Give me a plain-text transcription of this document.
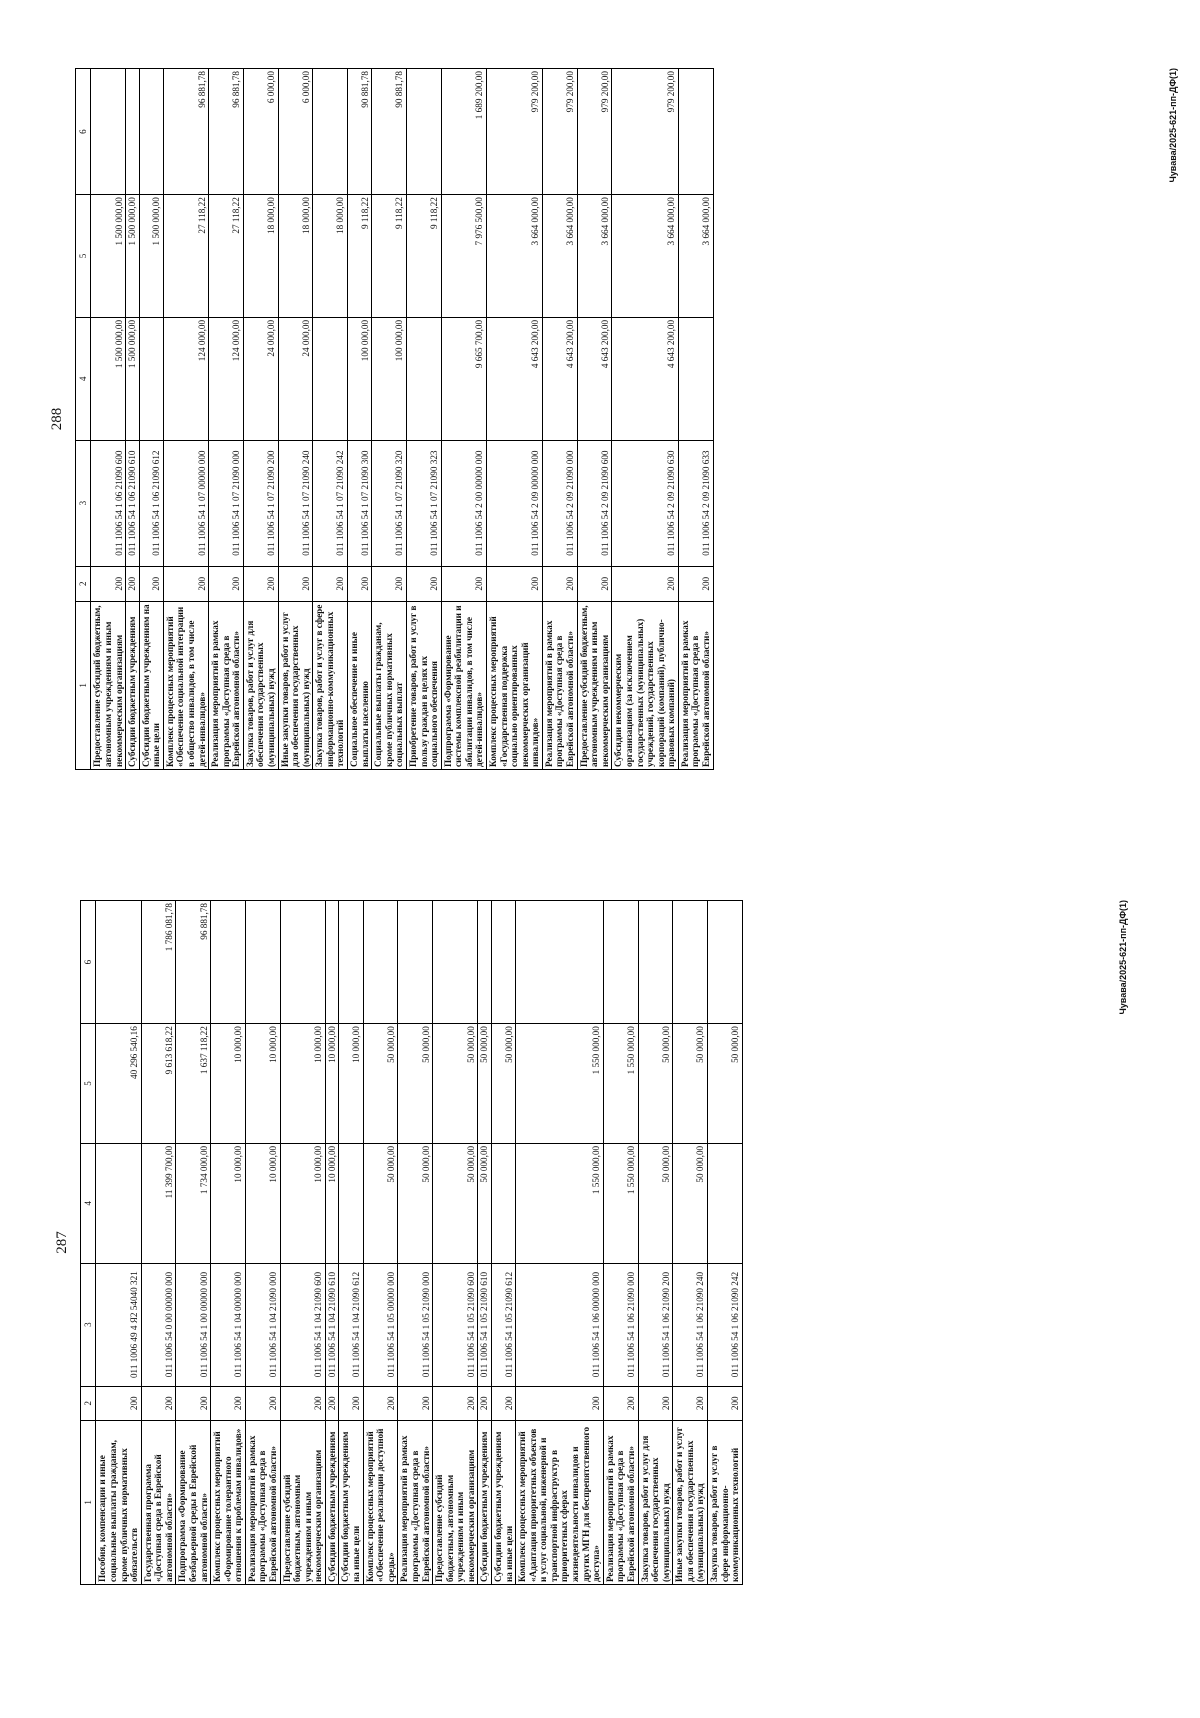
287
1	2	3	4	5	6
Пособия, компенсации и иные социальные выплаты гражданам, кроме публичных нормативных обязательств	200	011 1006 49 4 Я2 54040 321		40 296 540,16	
Государственная программа «Доступная среда в Еврейской автономной области»	200	011 1006 54 0 00 00000 000	11 399 700,00	9 613 618,22	1 786 081,78
Подпрограмма «Формирование безбарьерной среды в Еврейской автономной области»	200	011 1006 54 1 00 00000 000	1 734 000,00	1 637 118,22	96 881,78
Комплекс процессных мероприятий «Формирование толерантного отношения к проблемам инвалидов»	200	011 1006 54 1 04 00000 000	10 000,00	10 000,00	
Реализация мероприятий в рамках программы «Доступная среда в Еврейской автономной области»	200	011 1006 54 1 04 21090 000	10 000,00	10 000,00	
Предоставление субсидий бюджетным, автономным учреждениям и иным некоммерческим организациям	200	011 1006 54 1 04 21090 600	10 000,00	10 000,00	
Субсидии бюджетным учреждениям	200	011 1006 54 1 04 21090 610	10 000,00	10 000,00	
Субсидии бюджетным учреждениям на иные цели	200	011 1006 54 1 04 21090 612		10 000,00	
Комплекс процессных мероприятий «Обеспечение реализации доступной среды»	200	011 1006 54 1 05 00000 000	50 000,00	50 000,00	
Реализация мероприятий в рамках программы «Доступная среда в Еврейской автономной области»	200	011 1006 54 1 05 21090 000	50 000,00	50 000,00	
Предоставление субсидий бюджетным, автономным учреждениям и иным некоммерческим организациям	200	011 1006 54 1 05 21090 600	50 000,00	50 000,00	
Субсидии бюджетным учреждениям	200	011 1006 54 1 05 21090 610	50 000,00	50 000,00	
Субсидии бюджетным учреждениям на иные цели	200	011 1006 54 1 05 21090 612		50 000,00	
Комплекс процессных мероприятий «Адаптация приоритетных объектов и услуг социальной, инженерной и транспортной инфраструктур в приоритетных сферах жизнедеятельности инвалидов и других МГН для беспрепятственного доступа»	200	011 1006 54 1 06 00000 000	1 550 000,00	1 550 000,00	
Реализация мероприятий в рамках программы «Доступная среда в Еврейской автономной области»	200	011 1006 54 1 06 21090 000	1 550 000,00	1 550 000,00	
Закупка товаров, работ и услуг для обеспечения государственных (муниципальных) нужд	200	011 1006 54 1 06 21090 200	50 000,00	50 000,00	
Иные закупки товаров, работ и услуг для обеспечения государственных (муниципальных) нужд	200	011 1006 54 1 06 21090 240	50 000,00	50 000,00	
Закупка товаров, работ и услуг в сфере информационно-коммуникационных технологий	200	011 1006 54 1 06 21090 242		50 000,00	
Чувава/2025-621-пп-ДФ(1)
288
1	2	3	4	5	6
Предоставление субсидий бюджетным, автономным учреждениям и иным некоммерческим организациям	200	011 1006 54 1 06 21090 600	1 500 000,00	1 500 000,00	
Субсидии бюджетным учреждениям	200	011 1006 54 1 06 21090 610	1 500 000,00	1 500 000,00	
Субсидии бюджетным учреждениям на иные цели	200	011 1006 54 1 06 21090 612		1 500 000,00	
Комплекс процессных мероприятий «Обеспечение социальной интеграции в общество инвалидов, в том числе детей-инвалидов»	200	011 1006 54 1 07 00000 000	124 000,00	27 118,22	96 881,78
Реализация мероприятий в рамках программы «Доступная среда в Еврейской автономной области»	200	011 1006 54 1 07 21090 000	124 000,00	27 118,22	96 881,78
Закупка товаров, работ и услуг для обеспечения государственных (муниципальных) нужд	200	011 1006 54 1 07 21090 200	24 000,00	18 000,00	6 000,00
Иные закупки товаров, работ и услуг для обеспечения государственных (муниципальных) нужд	200	011 1006 54 1 07 21090 240	24 000,00	18 000,00	6 000,00
Закупка товаров, работ и услуг в сфере информационно-коммуникационных технологий	200	011 1006 54 1 07 21090 242		18 000,00	
Социальное обеспечение и иные выплаты населению	200	011 1006 54 1 07 21090 300	100 000,00	9 118,22	90 881,78
Социальные выплаты гражданам, кроме публичных нормативных социальных выплат	200	011 1006 54 1 07 21090 320	100 000,00	9 118,22	90 881,78
Приобретение товаров, работ и услуг в пользу граждан в целях их социального обеспечения	200	011 1006 54 1 07 21090 323		9 118,22	
Подпрограмма «Формирование системы комплексной реабилитации и абилитации инвалидов, в том числе детей-инвалидов»	200	011 1006 54 2 00 00000 000	9 665 700,00	7 976 500,00	1 689 200,00
Комплекс процессных мероприятий «Государственная поддержка социально ориентированных некоммерческих организаций инвалидов»	200	011 1006 54 2 09 00000 000	4 643 200,00	3 664 000,00	979 200,00
Реализация мероприятий в рамках программы «Доступная среда в Еврейской автономной области»	200	011 1006 54 2 09 21090 000	4 643 200,00	3 664 000,00	979 200,00
Предоставление субсидий бюджетным, автономным учреждениям и иным некоммерческим организациям	200	011 1006 54 2 09 21090 600	4 643 200,00	3 664 000,00	979 200,00
Субсидии некоммерческим организациям (за исключением государственных (муниципальных) учреждений, государственных корпораций (компаний), публично-правовых компаний)	200	011 1006 54 2 09 21090 630	4 643 200,00	3 664 000,00	979 200,00
Реализация мероприятий в рамках программы «Доступная среда в Еврейской автономной области»	200	011 1006 54 2 09 21090 633		3 664 000,00	
Чувава/2025-621-пп-ДФ(1)
